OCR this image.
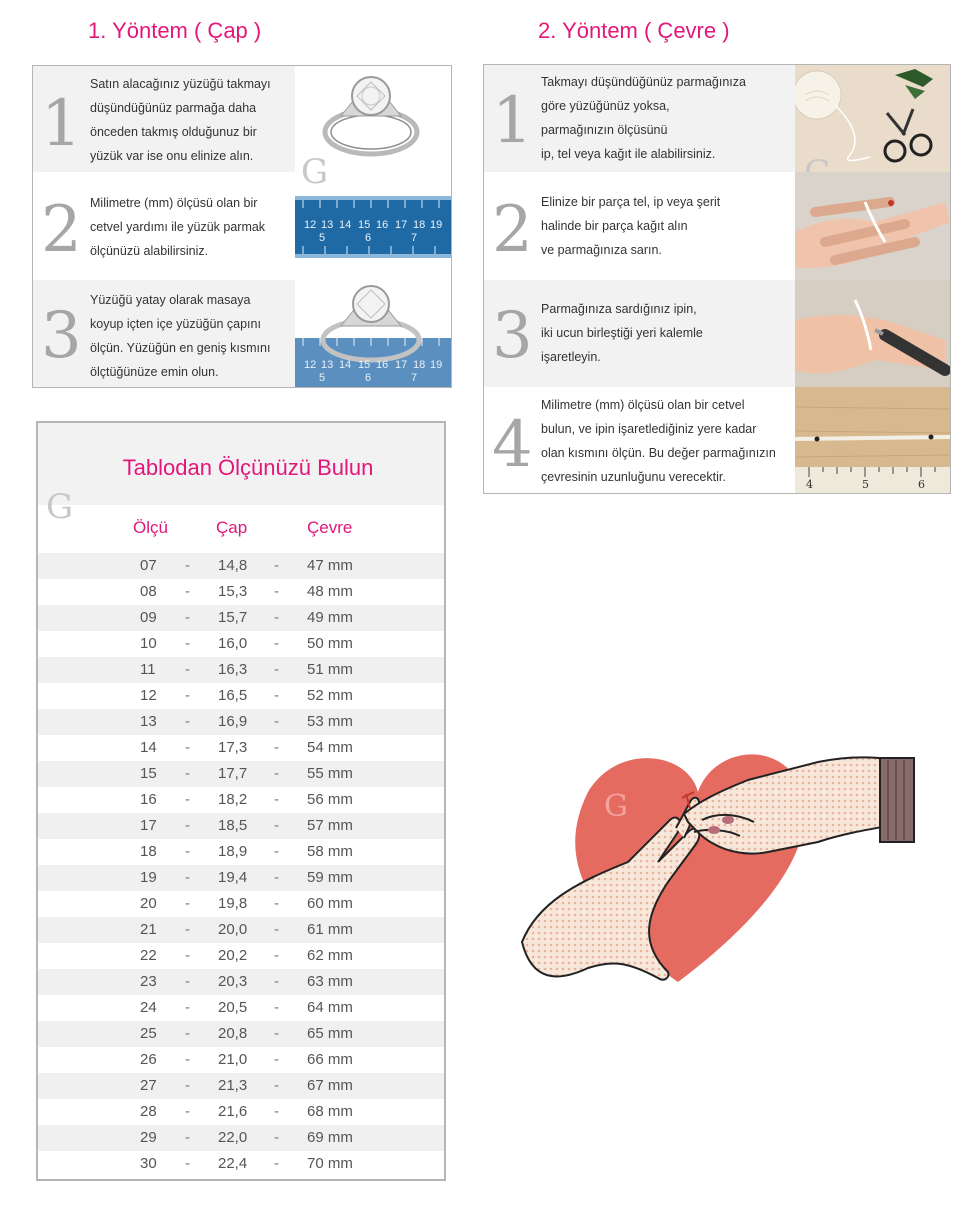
1. Yöntem ( Çap )	2. Yöntem ( Çevre )
1
Satın alacağınız yüzüğü takmayı
düşündüğünüz parmağa daha
önceden takmış olduğunuz bir
yüzük var ise onu elinize alın.	G
2 Milimetre (mm) ölçüsü olan bir
cetvel yardımı ile yüzük parmak
ölçünüzü alabilirsiniz.
12 13 14 15 16 17 18 19
5	6	7
3 Yüzüğü yatay olarak masaya
koyup içten içe yüzüğün çapını
ölçün. Yüzüğün en geniş kısmını
ölçtüğünüze emin olun.	12 13 14 15 16 17 18 19
5	6	7
1
Takmayı düşündüğünüz parmağınıza
göre yüzüğünüz yoksa,
parmağınızın ölçüsünü
ip, tel veya kağıt ile alabilirsiniz.
2 Elinize bir parça tel, ip veya şerit
halinde bir parça kağıt alın
ve parmağınıza sarın.
3 Parmağınıza sardığınız ipin,
iki ucun birleştiği yeri kalemle
işaretleyin.
4
Milimetre (mm) ölçüsü olan bir cetvel
bulun, ve ipin işaretlediğiniz yere kadar
olan kısmını ölçün. Bu değer parmağınızın
çevresinin uzunluğunu verecektir.
4	5	6
Tablodan Ölçünüzü Bulun
G
Ölçü	Çap	Çevre
07 - 14,8 - 47 mm
08 - 15,3 - 48 mm
09 - 15,7 - 49 mm
10 - 16,0 - 50 mm
11 - 16,3 - 51 mm
12 - 16,5 - 52 mm
13 - 16,9 - 53 mm
14 - 17,3 - 54 mm
15 - 17,7 - 55 mm
16 - 18,2 - 56 mm
17 - 18,5 - 57 mm
18 - 18,9 - 58 mm
19 - 19,4 - 59 mm
20 - 19,8 - 60 mm
21 - 20,0 - 61 mm
22 - 20,2 - 62 mm
23 - 20,3 - 63 mm
24 - 20,5 - 64 mm
25 - 20,8 - 65 mm
26 - 21,0 - 66 mm
27 - 21,3 - 67 mm
28 - 21,6 - 68 mm
29 - 22,0 - 69 mm
30 - 22,4 - 70 mm
G
